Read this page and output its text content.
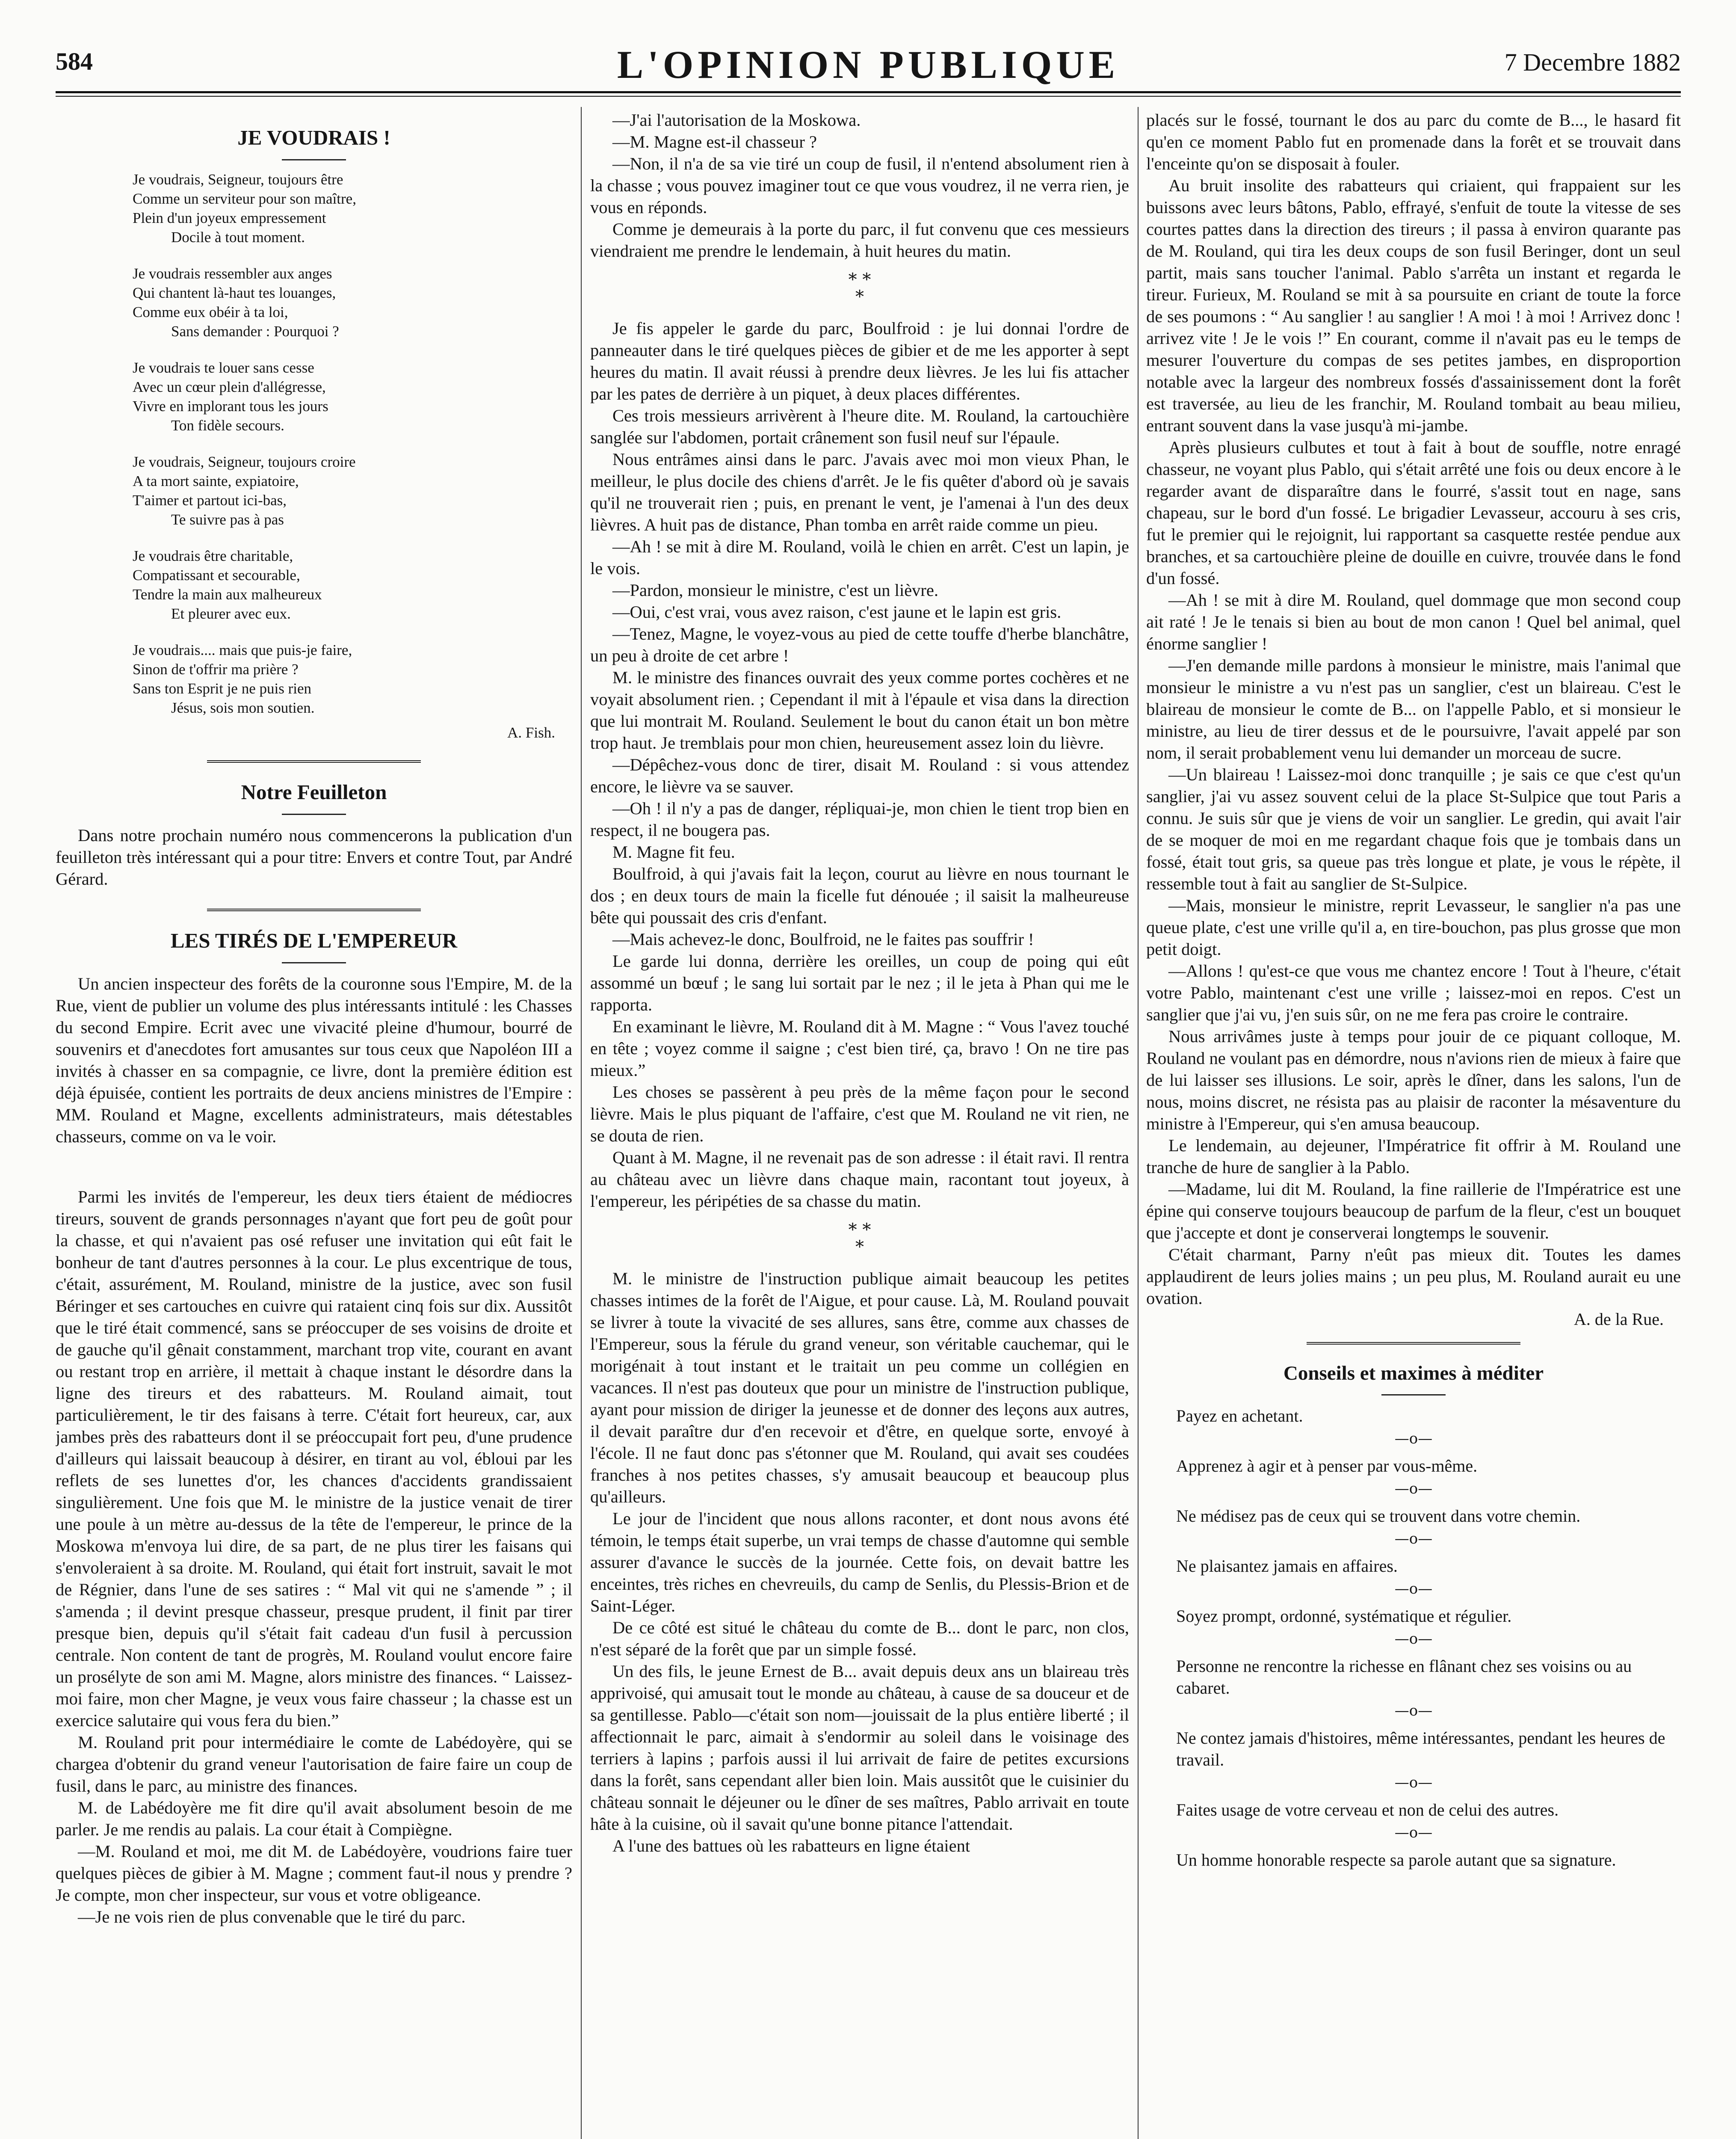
584	L'OPINION PUBLIQUE	7 Decembre 1882
JE VOUDRAIS !
Je voudrais, Seigneur, toujours être
Comme un serviteur pour son maître,
Plein d'un joyeux empressement
Docile à tout moment.
Je voudrais ressembler aux anges
Qui chantent là-haut tes louanges,
Comme eux obéir à ta loi,
Sans demander : Pourquoi ?
Je voudrais te louer sans cesse
Avec un cœur plein d'allégresse,
Vivre en implorant tous les jours
Ton fidèle secours.
Je voudrais, Seigneur, toujours croire
A ta mort sainte, expiatoire,
T'aimer et partout ici-bas,
Te suivre pas à pas
Je voudrais être charitable,
Compatissant et secourable,
Tendre la main aux malheureux
Et pleurer avec eux.
Je voudrais.... mais que puis-je faire,
Sinon de t'offrir ma prière ?
Sans ton Esprit je ne puis rien
Jésus, sois mon soutien.
A. Fish.
Notre Feuilleton

Dans notre prochain numéro nous commencerons la publication d'un feuilleton très intéressant qui a pour titre: Envers et contre Tout, par André Gérard.

LES TIRÉS DE L'EMPEREUR

Un ancien inspecteur des forêts de la couronne sous l'Empire, M. de la Rue, vient de publier un volume des plus intéressants intitulé : les Chasses du second Empire. Ecrit avec une vivacité pleine d'humour, bourré de souvenirs et d'anecdotes fort amusantes sur tous ceux que Napoléon III a invités à chasser en sa compagnie, ce livre, dont la première édition est déjà épuisée, contient les portraits de deux anciens ministres de l'Empire : MM. Rouland et Magne, excellents administrateurs, mais détestables chasseurs, comme on va le voir.

Parmi les invités de l'empereur, les deux tiers étaient de médiocres tireurs, souvent de grands personnages n'ayant que fort peu de goût pour la chasse, et qui n'avaient pas osé refuser une invitation qui eût fait le bonheur de tant d'autres personnes à la cour. Le plus excentrique de tous, c'était, assurément, M. Rouland, ministre de la justice, avec son fusil Béringer et ses cartouches en cuivre qui rataient cinq fois sur dix. Aussitôt que le tiré était commencé, sans se préoccuper de ses voisins de droite et de gauche qu'il gênait constamment, marchant trop vite, courant en avant ou restant trop en arrière, il mettait à chaque instant le désordre dans la ligne des tireurs et des rabatteurs. M. Rouland aimait, tout particulièrement, le tir des faisans à terre. C'était fort heureux, car, aux jambes près des rabatteurs dont il se préoccupait fort peu, d'une prudence d'ailleurs qui laissait beaucoup à désirer, en tirant au vol, ébloui par les reflets de ses lunettes d'or, les chances d'accidents grandissaient singulièrement. Une fois que M. le ministre de la justice venait de tirer une poule à un mètre au-dessus de la tête de l'empereur, le prince de la Moskowa m'envoya lui dire, de sa part, de ne plus tirer les faisans qui s'envoleraient à sa droite. M. Rouland, qui était fort instruit, savait le mot de Régnier, dans l'une de ses satires : “ Mal vit qui ne s'amende ” ; il s'amenda ; il devint presque chasseur, presque prudent, il finit par tirer presque bien, depuis qu'il s'était fait cadeau d'un fusil à percussion centrale. Non content de tant de progrès, M. Rouland voulut encore faire un prosélyte de son ami M. Magne, alors ministre des finances. “ Laissez-moi faire, mon cher Magne, je veux vous faire chasseur ; la chasse est un exercice salutaire qui vous fera du bien.”

M. Rouland prit pour intermédiaire le comte de Labédoyère, qui se chargea d'obtenir du grand veneur l'autorisation de faire faire un coup de fusil, dans le parc, au ministre des finances.

M. de Labédoyère me fit dire qu'il avait absolument besoin de me parler. Je me rendis au palais. La cour était à Compiègne.

—M. Rouland et moi, me dit M. de Labédoyère, voudrions faire tuer quelques pièces de gibier à M. Magne ; comment faut-il nous y prendre ? Je compte, mon cher inspecteur, sur vous et votre obligeance.

—Je ne vois rien de plus convenable que le tiré du parc.

—J'ai l'autorisation de la Moskowa.

—M. Magne est-il chasseur ?

—Non, il n'a de sa vie tiré un coup de fusil, il n'entend absolument rien à la chasse ; vous pouvez imaginer tout ce que vous voudrez, il ne verra rien, je vous en réponds.

Comme je demeurais à la porte du parc, il fut convenu que ces messieurs viendraient me prendre le lendemain, à huit heures du matin.

* *
*

Je fis appeler le garde du parc, Boulfroid : je lui donnai l'ordre de panneauter dans le tiré quelques pièces de gibier et de me les apporter à sept heures du matin. Il avait réussi à prendre deux lièvres. Je les lui fis attacher par les pates de derrière à un piquet, à deux places différentes.

Ces trois messieurs arrivèrent à l'heure dite. M. Rouland, la cartouchière sanglée sur l'abdomen, portait crânement son fusil neuf sur l'épaule.

Nous entrâmes ainsi dans le parc. J'avais avec moi mon vieux Phan, le meilleur, le plus docile des chiens d'arrêt. Je le fis quêter d'abord où je savais qu'il ne trouverait rien ; puis, en prenant le vent, je l'amenai à l'un des deux lièvres. A huit pas de distance, Phan tomba en arrêt raide comme un pieu.

—Ah ! se mit à dire M. Rouland, voilà le chien en arrêt. C'est un lapin, je le vois.

—Pardon, monsieur le ministre, c'est un lièvre.

—Oui, c'est vrai, vous avez raison, c'est jaune et le lapin est gris.

—Tenez, Magne, le voyez-vous au pied de cette touffe d'herbe blanchâtre, un peu à droite de cet arbre !

M. le ministre des finances ouvrait des yeux comme portes cochères et ne voyait absolument rien. ; Cependant il mit à l'épaule et visa dans la direction que lui montrait M. Rouland. Seulement le bout du canon était un bon mètre trop haut. Je tremblais pour mon chien, heureusement assez loin du lièvre.

—Dépêchez-vous donc de tirer, disait M. Rouland : si vous attendez encore, le lièvre va se sauver.

—Oh ! il n'y a pas de danger, répliquai-je, mon chien le tient trop bien en respect, il ne bougera pas.

M. Magne fit feu.

Boulfroid, à qui j'avais fait la leçon, courut au lièvre en nous tournant le dos ; en deux tours de main la ficelle fut dénouée ; il saisit la malheureuse bête qui poussait des cris d'enfant.

—Mais achevez-le donc, Boulfroid, ne le faites pas souffrir !

Le garde lui donna, derrière les oreilles, un coup de poing qui eût assommé un bœuf ; le sang lui sortait par le nez ; il le jeta à Phan qui me le rapporta.

En examinant le lièvre, M. Rouland dit à M. Magne : “ Vous l'avez touché en tête ; voyez comme il saigne ; c'est bien tiré, ça, bravo ! On ne tire pas mieux.”

Les choses se passèrent à peu près de la même façon pour le second lièvre. Mais le plus piquant de l'affaire, c'est que M. Rouland ne vit rien, ne se douta de rien.

Quant à M. Magne, il ne revenait pas de son adresse : il était ravi. Il rentra au château avec un lièvre dans chaque main, racontant tout joyeux, à l'empereur, les péripéties de sa chasse du matin.

* *
*

M. le ministre de l'instruction publique aimait beaucoup les petites chasses intimes de la forêt de l'Aigue, et pour cause. Là, M. Rouland pouvait se livrer à toute la vivacité de ses allures, sans être, comme aux chasses de l'Empereur, sous la férule du grand veneur, son véritable cauchemar, qui le morigénait à tout instant et le traitait un peu comme un collégien en vacances. Il n'est pas douteux que pour un ministre de l'instruction publique, ayant pour mission de diriger la jeunesse et de donner des leçons aux autres, il devait paraître dur d'en recevoir et d'être, en quelque sorte, envoyé à l'école. Il ne faut donc pas s'étonner que M. Rouland, qui avait ses coudées franches à nos petites chasses, s'y amusait beaucoup et beaucoup plus qu'ailleurs.

Le jour de l'incident que nous allons raconter, et dont nous avons été témoin, le temps était superbe, un vrai temps de chasse d'automne qui semble assurer d'avance le succès de la journée. Cette fois, on devait battre les enceintes, très riches en chevreuils, du camp de Senlis, du Plessis-Brion et de Saint-Léger.

De ce côté est situé le château du comte de B... dont le parc, non clos, n'est séparé de la forêt que par un simple fossé.

Un des fils, le jeune Ernest de B... avait depuis deux ans un blaireau très apprivoisé, qui amusait tout le monde au château, à cause de sa douceur et de sa gentillesse. Pablo—c'était son nom—jouissait de la plus entière liberté ; il affectionnait le parc, aimait à s'endormir au soleil dans le voisinage des terriers à lapins ; parfois aussi il lui arrivait de faire de petites excursions dans la forêt, sans cependant aller bien loin. Mais aussitôt que le cuisinier du château sonnait le déjeuner ou le dîner de ses maîtres, Pablo arrivait en toute hâte à la cuisine, où il savait qu'une bonne pitance l'attendait.

A l'une des battues où les rabatteurs en ligne étaient

placés sur le fossé, tournant le dos au parc du comte de B..., le hasard fit qu'en ce moment Pablo fut en promenade dans la forêt et se trouvait dans l'enceinte qu'on se disposait à fouler.

Au bruit insolite des rabatteurs qui criaient, qui frappaient sur les buissons avec leurs bâtons, Pablo, effrayé, s'enfuit de toute la vitesse de ses courtes pattes dans la direction des tireurs ; il passa à environ quarante pas de M. Rouland, qui tira les deux coups de son fusil Beringer, dont un seul partit, mais sans toucher l'animal. Pablo s'arrêta un instant et regarda le tireur. Furieux, M. Rouland se mit à sa poursuite en criant de toute la force de ses poumons : “ Au sanglier ! au sanglier ! A moi ! à moi ! Arrivez donc ! arrivez vite ! Je le vois !” En courant, comme il n'avait pas eu le temps de mesurer l'ouverture du compas de ses petites jambes, en disproportion notable avec la largeur des nombreux fossés d'assainissement dont la forêt est traversée, au lieu de les franchir, M. Rouland tombait au beau milieu, entrant souvent dans la vase jusqu'à mi-jambe.

Après plusieurs culbutes et tout à fait à bout de souffle, notre enragé chasseur, ne voyant plus Pablo, qui s'était arrêté une fois ou deux encore à le regarder avant de disparaître dans le fourré, s'assit tout en nage, sans chapeau, sur le bord d'un fossé. Le brigadier Levasseur, accouru à ses cris, fut le premier qui le rejoignit, lui rapportant sa casquette restée pendue aux branches, et sa cartouchière pleine de douille en cuivre, trouvée dans le fond d'un fossé.

—Ah ! se mit à dire M. Rouland, quel dommage que mon second coup ait raté ! Je le tenais si bien au bout de mon canon ! Quel bel animal, quel énorme sanglier !

—J'en demande mille pardons à monsieur le ministre, mais l'animal que monsieur le ministre a vu n'est pas un sanglier, c'est un blaireau. C'est le blaireau de monsieur le comte de B... on l'appelle Pablo, et si monsieur le ministre, au lieu de tirer dessus et de le poursuivre, l'avait appelé par son nom, il serait probablement venu lui demander un morceau de sucre.

—Un blaireau ! Laissez-moi donc tranquille ; je sais ce que c'est qu'un sanglier, j'ai vu assez souvent celui de la place St-Sulpice que tout Paris a connu. Je suis sûr que je viens de voir un sanglier. Le gredin, qui avait l'air de se moquer de moi en me regardant chaque fois que je tombais dans un fossé, était tout gris, sa queue pas très longue et plate, je vous le répète, il ressemble tout à fait au sanglier de St-Sulpice.

—Mais, monsieur le ministre, reprit Levasseur, le sanglier n'a pas une queue plate, c'est une vrille qu'il a, en tire-bouchon, pas plus grosse que mon petit doigt.

—Allons ! qu'est-ce que vous me chantez encore ! Tout à l'heure, c'était votre Pablo, maintenant c'est une vrille ; laissez-moi en repos. C'est un sanglier que j'ai vu, j'en suis sûr, on ne me fera pas croire le contraire.

Nous arrivâmes juste à temps pour jouir de ce piquant colloque, M. Rouland ne voulant pas en démordre, nous n'avions rien de mieux à faire que de lui laisser ses illusions. Le soir, après le dîner, dans les salons, l'un de nous, moins discret, ne résista pas au plaisir de raconter la mésaventure du ministre à l'Empereur, qui s'en amusa beaucoup.

Le lendemain, au dejeuner, l'Impératrice fit offrir à M. Rouland une tranche de hure de sanglier à la Pablo.

—Madame, lui dit M. Rouland, la fine raillerie de l'Impératrice est une épine qui conserve toujours beaucoup de parfum de la fleur, c'est un bouquet que j'accepte et dont je conserverai longtemps le souvenir.

C'était charmant, Parny n'eût pas mieux dit. Toutes les dames applaudirent de leurs jolies mains ; un peu plus, M. Rouland aurait eu une ovation.

A. de la Rue.
Conseils et maximes à méditer

Payez en achetant.

—o—

Apprenez à agir et à penser par vous-même.

—o—

Ne médisez pas de ceux qui se trouvent dans votre chemin.

—o—

Ne plaisantez jamais en affaires.

—o—

Soyez prompt, ordonné, systématique et régulier.

—o—

Personne ne rencontre la richesse en flânant chez ses voisins ou au cabaret.

—o—

Ne contez jamais d'histoires, même intéressantes, pendant les heures de travail.

—o—

Faites usage de votre cerveau et non de celui des autres.

—o—

Un homme honorable respecte sa parole autant que sa signature.
